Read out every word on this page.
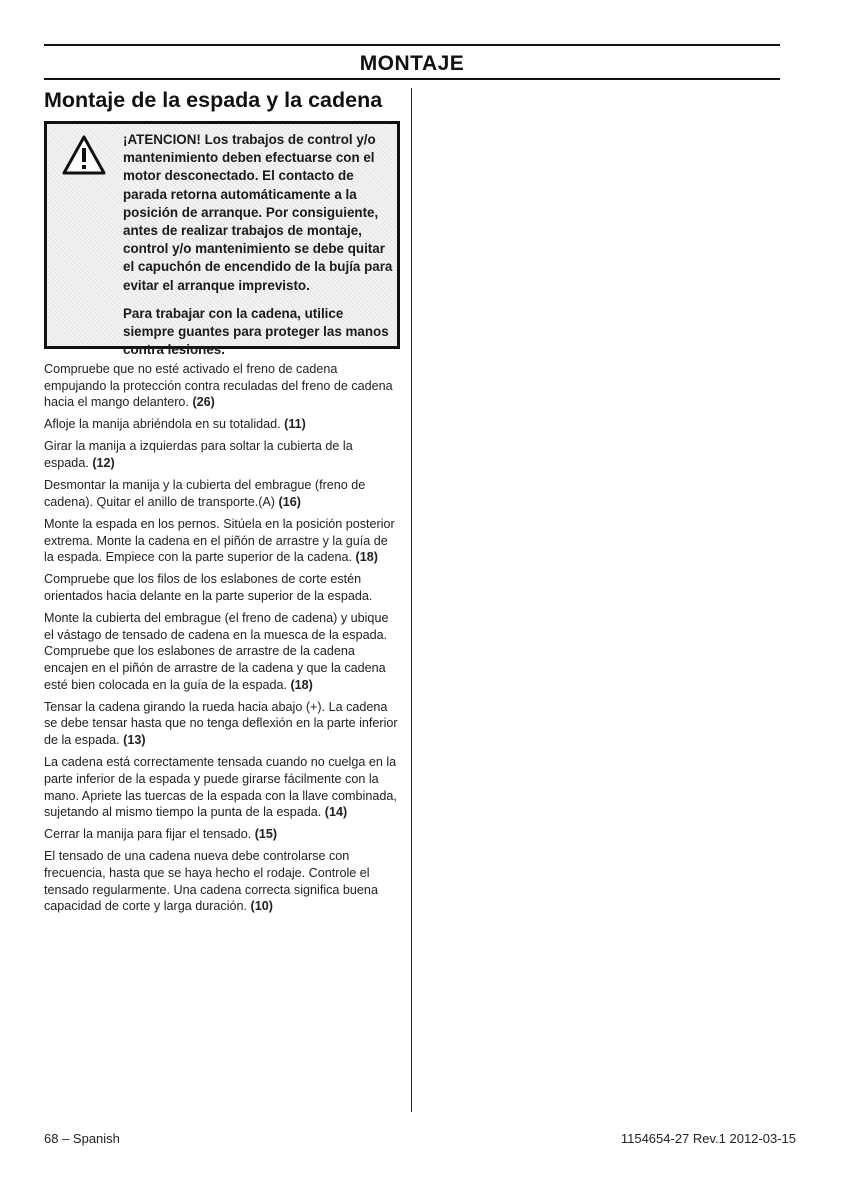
MONTAJE
Montaje de la espada y la cadena

¡ATENCION! Los trabajos de control y/o mantenimiento deben efectuarse con el motor desconectado. El contacto de parada retorna automáticamente a la posición de arranque. Por consiguiente, antes de realizar trabajos de montaje, control y/o mantenimiento se debe quitar el capuchón de encendido de la bujía para evitar el arranque imprevisto.

Para trabajar con la cadena, utilice siempre guantes para proteger las manos contra lesiones.

Compruebe que no esté activado el freno de cadena empujando la protección contra reculadas del freno de cadena hacia el mango delantero. (26)

Afloje la manija abriéndola en su totalidad. (11)

Girar la manija a izquierdas para soltar la cubierta de la espada. (12)

Desmontar la manija y la cubierta del embrague (freno de cadena). Quitar el anillo de transporte.(A) (16)

Monte la espada en los pernos. Sitúela en la posición posterior extrema. Monte la cadena en el piñón de arrastre y la guía de la espada. Empiece con la parte superior de la cadena. (18)

Compruebe que los filos de los eslabones de corte estén orientados hacia delante en la parte superior de la espada.

Monte la cubierta del embrague (el freno de cadena) y ubique el vástago de tensado de cadena en la muesca de la espada. Compruebe que los eslabones de arrastre de la cadena encajen en el piñón de arrastre de la cadena y que la cadena esté bien colocada en la guía de la espada. (18)

Tensar la cadena girando la rueda hacia abajo (+). La cadena se debe tensar hasta que no tenga deflexión en la parte inferior de la espada. (13)

La cadena está correctamente tensada cuando no cuelga en la parte inferior de la espada y puede girarse fácilmente con la mano. Apriete las tuercas de la espada con la llave combinada, sujetando al mismo tiempo la punta de la espada. (14)

Cerrar la manija para fijar el tensado. (15)

El tensado de una cadena nueva debe controlarse con frecuencia, hasta que se haya hecho el rodaje. Controle el tensado regularmente. Una cadena correcta significa buena capacidad de corte y larga duración. (10)

68 – Spanish	1154654-27 Rev.1 2012-03-15
